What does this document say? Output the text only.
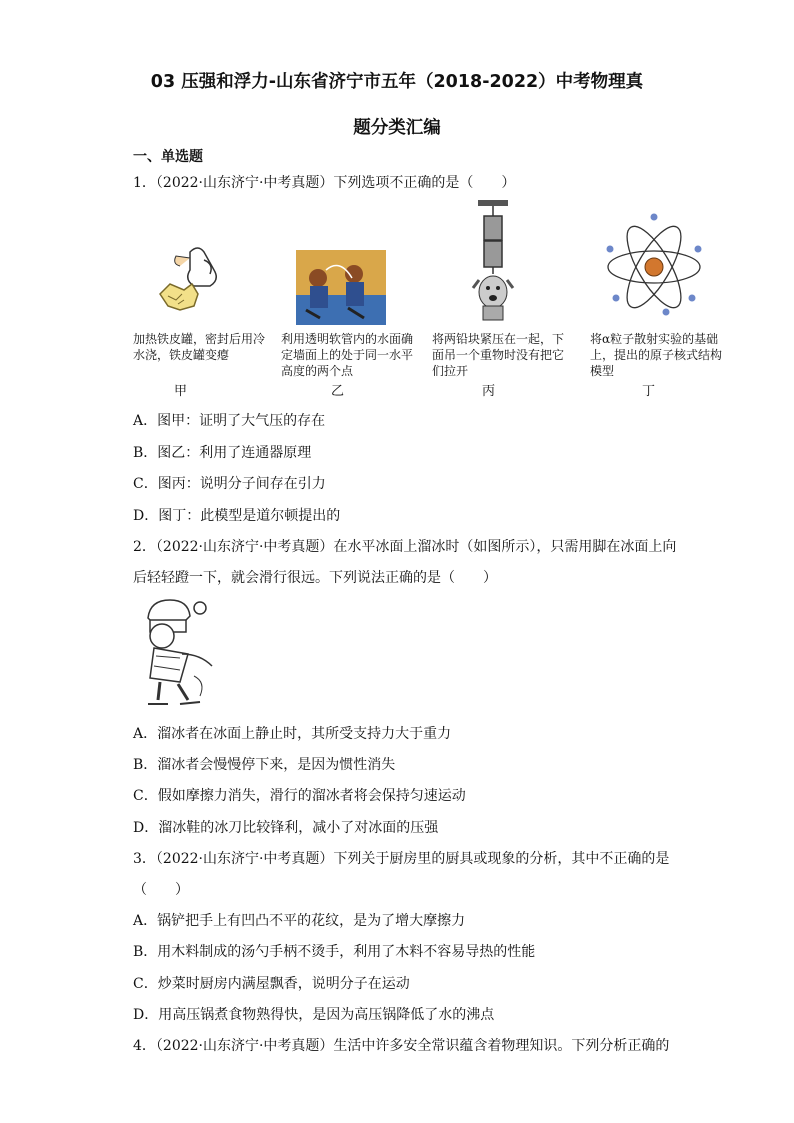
03 压强和浮力-山东省济宁市五年（2018-2022）中考物理真
题分类汇编
一、单选题
1．（2022·山东济宁·中考真题）下列选项不正确的是（　　）
加热铁皮罐，密封后用冷水浇，铁皮罐变瘪
利用透明软管内的水面确定墙面上的处于同一水平高度的两个点
将两铅块紧压在一起，下面吊一个重物时没有把它们拉开
将α粒子散射实验的基础上，提出的原子核式结构模型
甲	乙	丙	丁
A．图甲：证明了大气压的存在
B．图乙：利用了连通器原理
C．图丙：说明分子间存在引力
D．图丁：此模型是道尔顿提出的
2．（2022·山东济宁·中考真题）在水平冰面上溜冰时（如图所示），只需用脚在冰面上向
后轻轻蹬一下，就会滑行很远。下列说法正确的是（　　）
A．溜冰者在冰面上静止时，其所受支持力大于重力
B．溜冰者会慢慢停下来，是因为惯性消失
C．假如摩擦力消失，滑行的溜冰者将会保持匀速运动
D．溜冰鞋的冰刀比较锋利，减小了对冰面的压强
3．（2022·山东济宁·中考真题）下列关于厨房里的厨具或现象的分析，其中不正确的是
（　　）
A．锅铲把手上有凹凸不平的花纹，是为了增大摩擦力
B．用木料制成的汤勺手柄不烫手，利用了木料不容易导热的性能
C．炒菜时厨房内满屋飘香，说明分子在运动
D．用高压锅煮食物熟得快，是因为高压锅降低了水的沸点
4．（2022·山东济宁·中考真题）生活中许多安全常识蕴含着物理知识。下列分析正确的
